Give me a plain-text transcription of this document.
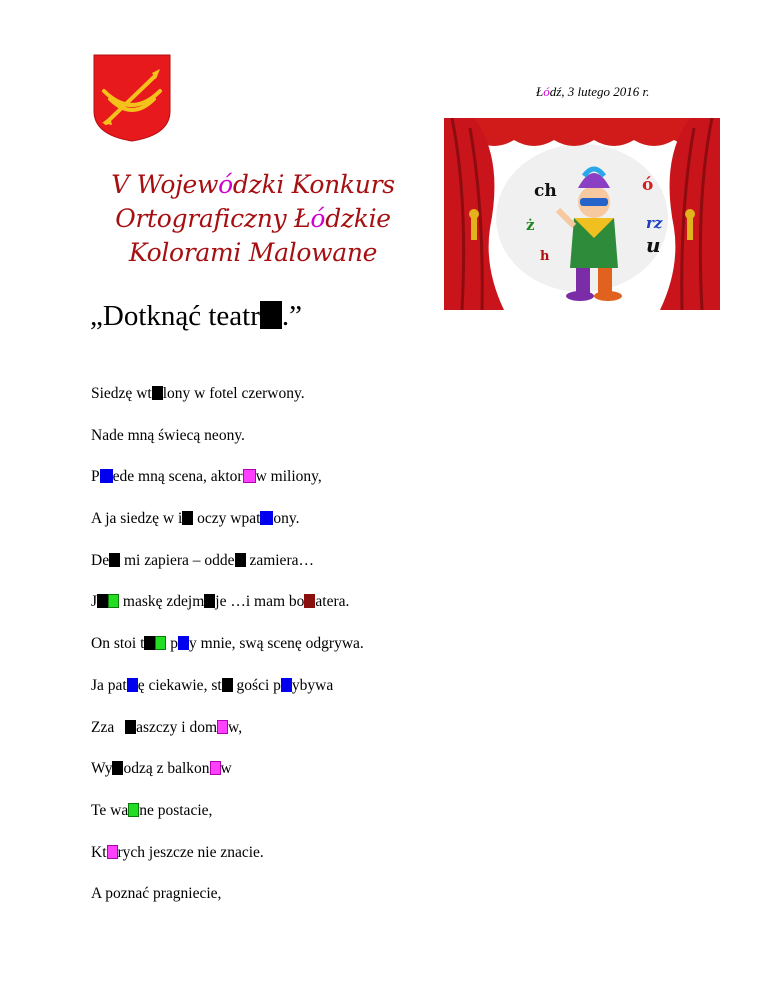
Łódź, 3 lutego 2016 r.
ch	ó
ż	rz
u
h
V Wojewódzki Konkurs
Ortograficzny Łódzkie
Kolorami Malowane
„Dotknąć teatr .”
Siedzę wt lony w fotel czerwony.
Nade mną świecą neony.
P ede mną scena, aktor w miliony,
A ja siedzę w i oczy wpat ony.
De mi zapiera – odde zamiera…
J maskę zdejm je …i mam bo atera.
On stoi t p y mnie, swą scenę odgrywa.
Ja pat ę ciekawie, st gości p ybywa
Zza aszczy i dom w,
Wy odzą z balkon w
Te wa ne postacie,
Kt rych jeszcze nie znacie.
A poznać pragniecie,
